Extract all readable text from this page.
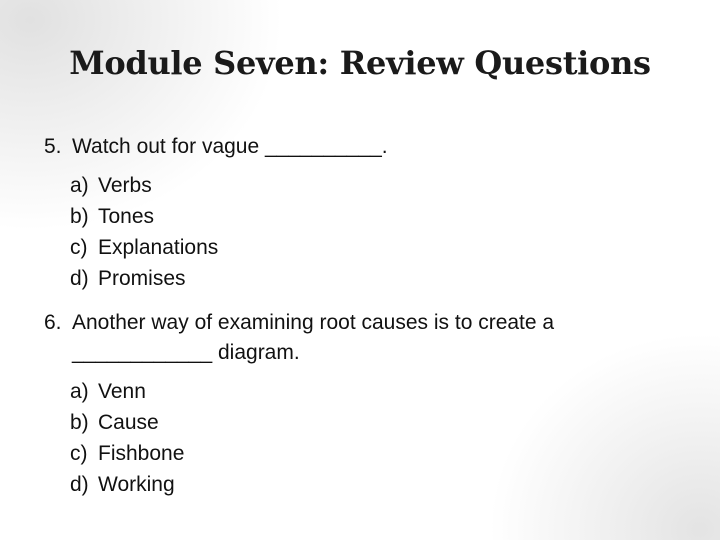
Module Seven: Review Questions
5. Watch out for vague __________.
a) Verbs
b) Tones
c) Explanations
d) Promises
6. Another way of examining root causes is to create a
____________ diagram.
a) Venn
b) Cause
c) Fishbone
d) Working
